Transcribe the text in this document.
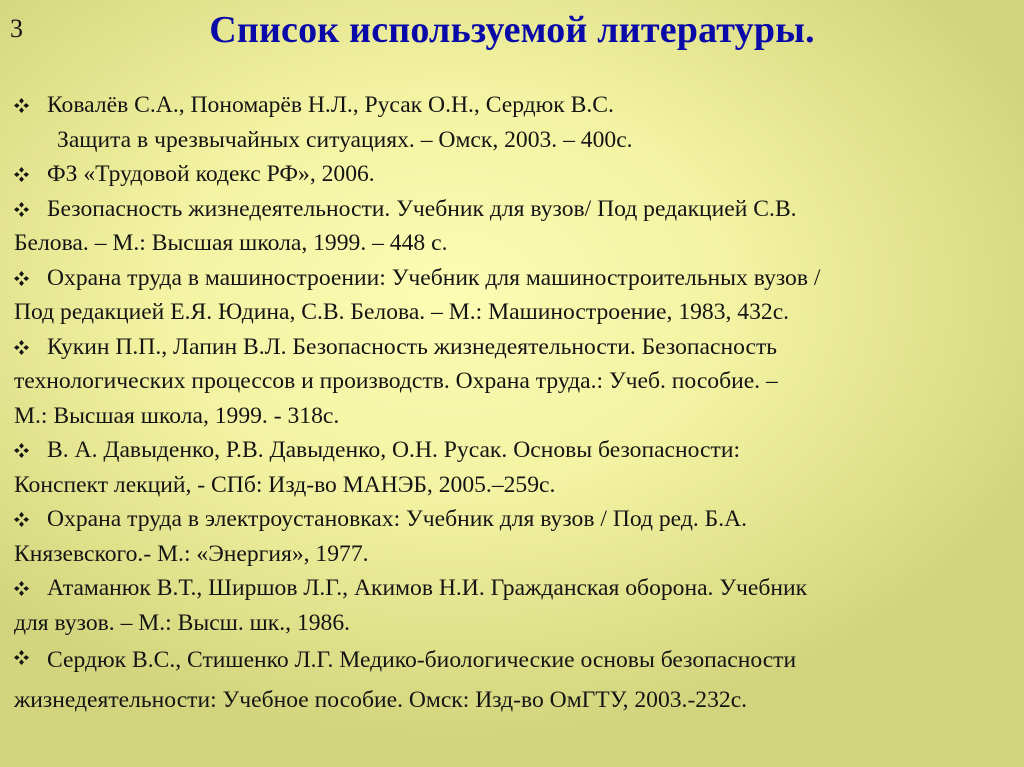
3	Список используемой литературы.
Ковалёв С.А., Пономарёв Н.Л., Русак О.Н., Сердюк В.С.
Защита в чрезвычайных ситуациях. – Омск, 2003. – 400с.
ФЗ «Трудовой кодекс РФ», 2006.
Безопасность жизнедеятельности. Учебник для вузов/ Под редакцией С.В.
Белова. – М.: Высшая школа, 1999. – 448 с.
Охрана труда в машиностроении: Учебник для машиностроительных вузов /
Под редакцией Е.Я. Юдина, С.В. Белова. – М.: Машиностроение, 1983, 432с.
Кукин П.П., Лапин В.Л. Безопасность жизнедеятельности. Безопасность
технологических процессов и производств. Охрана труда.: Учеб. пособие. –
М.: Высшая школа, 1999. - 318с.
В. А. Давыденко, Р.В. Давыденко, О.Н. Русак. Основы безопасности:
Конспект лекций, - СПб: Изд-во МАНЭБ, 2005.–259с.
Охрана труда в электроустановках: Учебник для вузов / Под ред. Б.А.
Князевского.- М.: «Энергия», 1977.
Атаманюк В.Т., Ширшов Л.Г., Акимов Н.И. Гражданская оборона. Учебник
для вузов. – М.: Высш. шк., 1986.
Сердюк В.С., Стишенко Л.Г. Медико-биологические основы безопасности
жизнедеятельности: Учебное пособие. Омск: Изд-во ОмГТУ, 2003.-232с.
